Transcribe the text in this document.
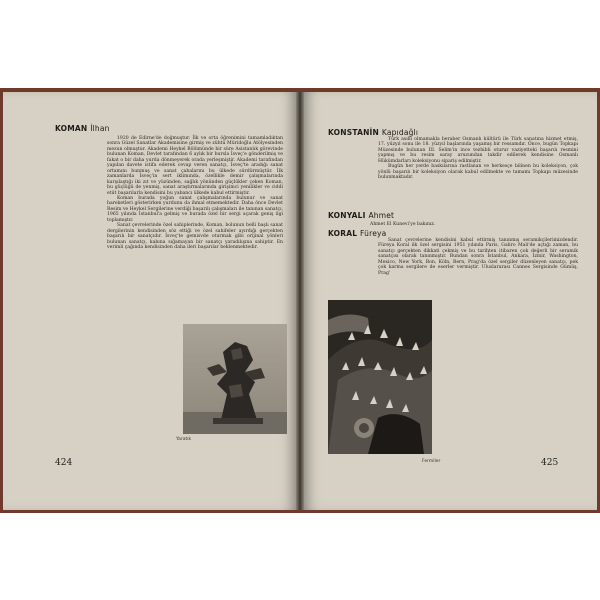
KOMAN İlhan

1920 de Edirne'de doğmuştur. İlk ve orta öğrenimini tamamladıktan sonra Güzel Sanatlar Akademisine girmiş ve zühtü Müridoğlu Atölyesinden mezun olmuştur. Akademi Heykel Bölümünde bir süre Asistanlık görevinde bulunan Koman, Devlet tarafından 6 aylık bir bursla İsveç'e gönderilmiş ve fakat o bir daha yurda dönmeyerek orada yerleşmiştir. Akademi tarafından yapılan davete istifa ederek cevap veren sanatçı, İsveç'te aradığı sanat ortamını bunmuş ve sanat çabalarını bu ülkede sürdürmüştür. İlk zamanlarda İsveç'in sert iklimında, özellikle demir çalışmalarında karşılaştığı iki zıt ve yüzünden, sağlık yönünden güçlükler çeken Koman, bu güçlüğü de yenmiş, sanat araştırmalarında girişimci yenilikler ve ciddi etüt başarılarla kendisini bu yabancı ülkede kabul ettirmiştir.

Koman burada yoğun sanat çalışmalarında bulunur ve sanat hareketleri gösterirken yurdunu da ihmal etmemektedir. Daha önce Devlet Resim ve Heykel Sergilerine verdiği başarılı çalışmaları ile tanınan sanatçı, 1965 yılında İstanbul'a gelmiş ve burada özel bir sergi açarak geniş ilgi toplamıştır.

Sanat çevrelerinde özel sahiplerinde, Koman, bolunun belli başlı sanat dergilerinin kendisinden söz ettiği ve özel sahifeler ayırdığı gerçekten başarılı bir sanatçıdır. İsveç'te gemisvde oturmak gibi orijinal yönleri bulunan sanatçı, kabına sığamayan bir sanatçı yaradılışına sahiptir. En verimli çağında kendisinden daha ileri başarılar beklenmektedir.

Yaratık
424
KONSTANİN Kapıdağlı

Türk asıllı olmamakla beraber Osmanlı kültürü ile Türk sanatına hizmet etmiş, 17. yüzyıl sonu ile 18. yüzyıl başlarında yaşamış bir ressamdır. Önce, bugün Topkapı Müzesinde bulunan III. Selim'in ince tezhibli oturur vaziyetteki başarılı resmini yapmış ve bu resim saray aruzundan takdir edilerek kendisine Osmanlı Hükümdarları koleksiyonu sipariş edilmiştir.

Bugün her yerde baskılarına rastlanan ve herkesçe bilinen bu koleksiyon, çok yönlü başarılı bir koleksiyon olarak kabul edilmekte ve tamamı Topkapı müzesinde bulunmaktadır.

KONYALI Ahmet

Ahmet El Kunevi'ye bakınız.

KORAL Füreya

Sanat çevrelerine kendisini kabul ettirmiş tanınmış seramikçilerimizdendir. Füreya Koral ilk özel sergisini 1951 yılında Paris, Galiro Mali'de açtığı zaman, bu sanatçı gerçekten dikkati çekmiş ve bu tarihten itibaren çok değerli bir seramik sanatçısı olarak tanınmıştır. Bundan sonra İstanbul, Ankara, İzmir, Washington, Mexico, New York, Bon, Köln, Bern, Prag'da özel sergiler düzenleyen sanatçı, pek çok karma sergilere de eserler vermiştir. Uluslararası Cannes Sergisinde Gümüş, Prag'

Fermiler	425
